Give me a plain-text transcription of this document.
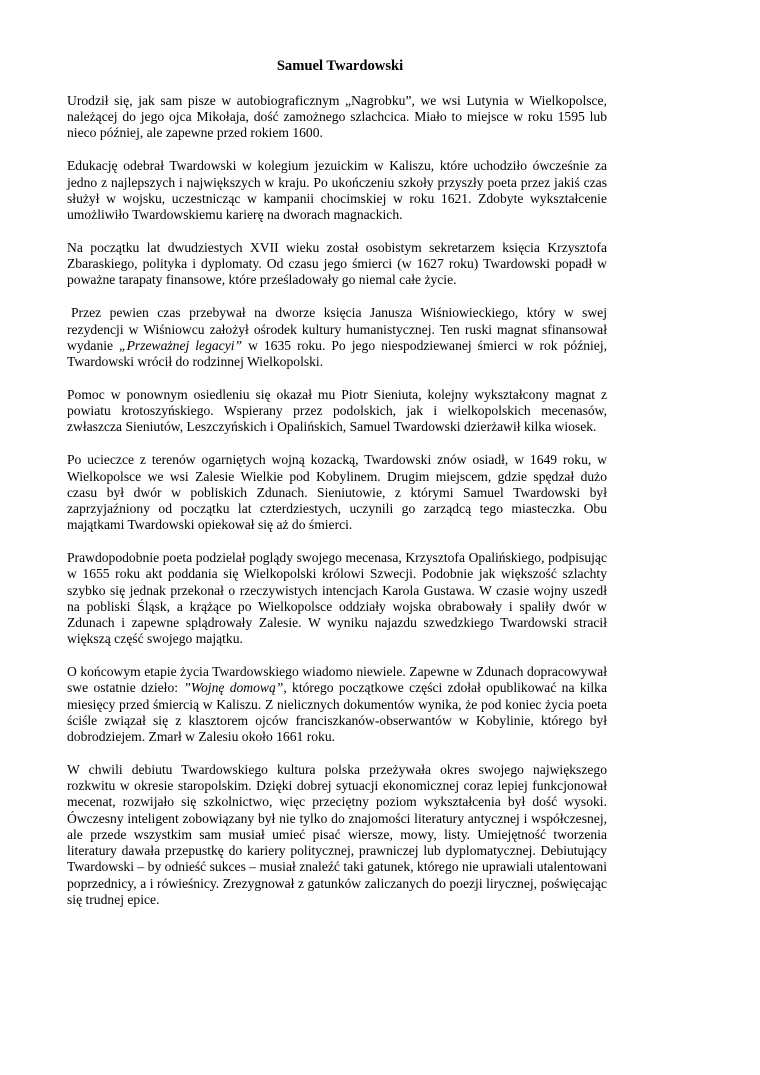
Samuel Twardowski

Urodził się, jak sam pisze w autobiograficznym „Nagrobku”, we wsi Lutynia w Wielkopolsce, należącej do jego ojca Mikołaja, dość zamożnego szlachcica. Miało to miejsce w roku 1595 lub nieco później, ale zapewne przed rokiem 1600.

Edukację odebrał Twardowski w kolegium jezuickim w Kaliszu, które uchodziło ówcześnie za jedno z najlepszych i największych w kraju. Po ukończeniu szkoły przyszły poeta przez jakiś czas służył w wojsku, uczestnicząc w kampanii chocimskiej w roku 1621. Zdobyte wykształcenie umożliwiło Twardowskiemu karierę na dworach magnackich.

Na początku lat dwudziestych XVII wieku został osobistym sekretarzem księcia Krzysztofa Zbaraskiego, polityka i dyplomaty. Od czasu jego śmierci (w 1627 roku) Twardowski popadł w poważne tarapaty finansowe, które prześladowały go niemal całe życie.

Przez pewien czas przebywał na dworze księcia Janusza Wiśniowieckiego, który w swej rezydencji w Wiśniowcu założył ośrodek kultury humanistycznej. Ten ruski magnat sfinansował wydanie „Przeważnej legacyi” w 1635 roku. Po jego niespodziewanej śmierci w rok później, Twardowski wrócił do rodzinnej Wielkopolski.

Pomoc w ponownym osiedleniu się okazał mu Piotr Sieniuta, kolejny wykształcony magnat z powiatu krotoszyńskiego. Wspierany przez podolskich, jak i wielkopolskich mecenasów, zwłaszcza Sieniutów, Leszczyńskich i Opalińskich, Samuel Twardowski dzierżawił kilka wiosek.

Po ucieczce z terenów ogarniętych wojną kozacką, Twardowski znów osiadł, w 1649 roku, w Wielkopolsce we wsi Zalesie Wielkie pod Kobylinem. Drugim miejscem, gdzie spędzał dużo czasu był dwór w pobliskich Zdunach. Sieniutowie, z którymi Samuel Twardowski był zaprzyjaźniony od początku lat czterdziestych, uczynili go zarządcą tego miasteczka. Obu majątkami Twardowski opiekował się aż do śmierci.

Prawdopodobnie poeta podzielał poglądy swojego mecenasa, Krzysztofa Opalińskiego, podpisując w 1655 roku akt poddania się Wielkopolski królowi Szwecji. Podobnie jak większość szlachty szybko się jednak przekonał o rzeczywistych intencjach Karola Gustawa. W czasie wojny uszedł na pobliski Śląsk, a krążące po Wielkopolsce oddziały wojska obrabowały i spaliły dwór w Zdunach i zapewne splądrowały Zalesie. W wyniku najazdu szwedzkiego Twardowski stracił większą część swojego majątku.

O końcowym etapie życia Twardowskiego wiadomo niewiele. Zapewne w Zdunach dopracowywał swe ostatnie dzieło: ”Wojnę domową”, którego początkowe części zdołał opublikować na kilka miesięcy przed śmiercią w Kaliszu. Z nielicznych dokumentów wynika, że pod koniec życia poeta ściśle związał się z klasztorem ojców franciszkanów-obserwantów w Kobylinie, którego był dobrodziejem. Zmarł w Zalesiu około 1661 roku.

W chwili debiutu Twardowskiego kultura polska przeżywała okres swojego największego rozkwitu w okresie staropolskim. Dzięki dobrej sytuacji ekonomicznej coraz lepiej funkcjonował mecenat, rozwijało się szkolnictwo, więc przeciętny poziom wykształcenia był dość wysoki. Ówczesny inteligent zobowiązany był nie tylko do znajomości literatury antycznej i współczesnej, ale przede wszystkim sam musiał umieć pisać wiersze, mowy, listy. Umiejętność tworzenia literatury dawała przepustkę do kariery politycznej, prawniczej lub dyplomatycznej. Debiutujący Twardowski – by odnieść sukces – musiał znaleźć taki gatunek, którego nie uprawiali utalentowani poprzednicy, a i rówieśnicy. Zrezygnował z gatunków zaliczanych do poezji lirycznej, poświęcając się trudnej epice.
